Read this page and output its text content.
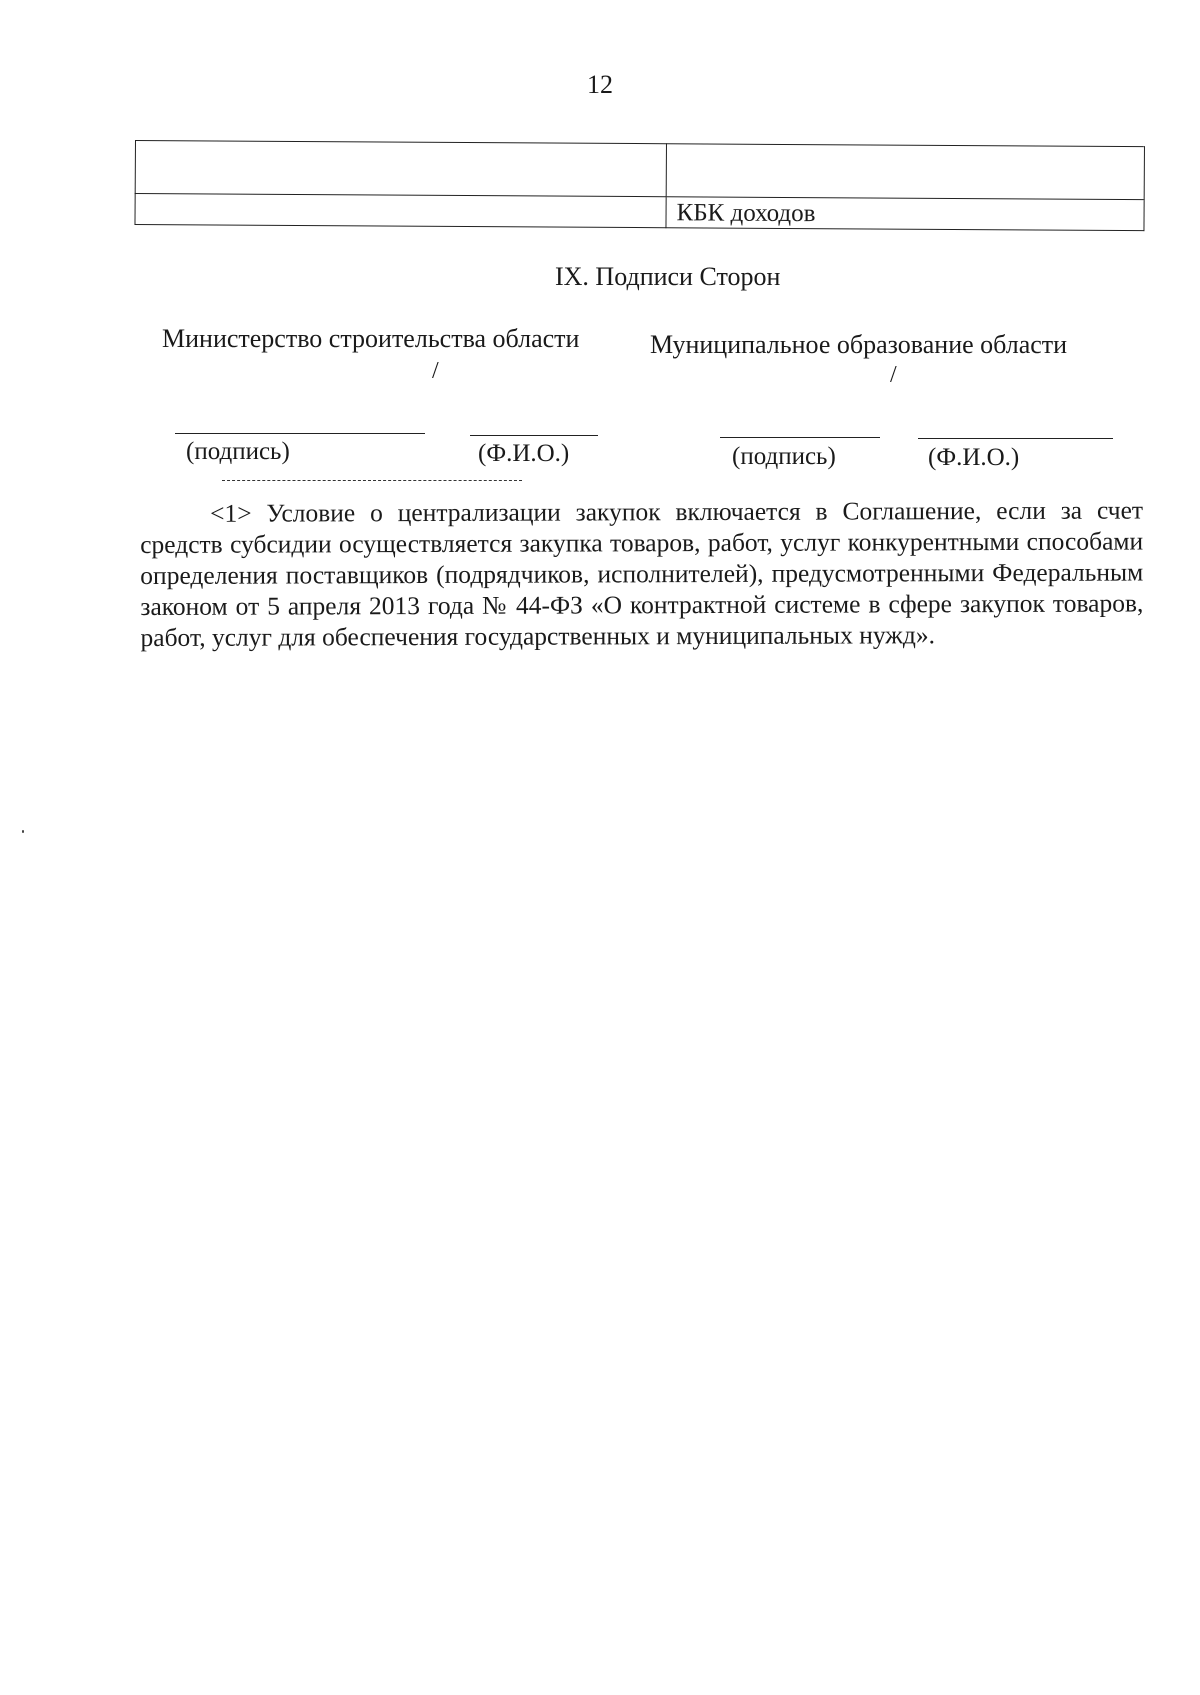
12

	КБК доходов
IX. Подписи Сторон
Министерство строительства области	Муниципальное образование области
/	/
(подпись)	(Ф.И.О.)	(подпись)	(Ф.И.О.)
<1> Условие о централизации закупок включается в Соглашение, если за счет средств субсидии осуществляется закупка товаров, работ, услуг конкурентными способами определения поставщиков (подрядчиков, исполнителей), предусмотренными Федеральным законом от 5 апреля 2013 года № 44-ФЗ «О контрактной системе в сфере закупок товаров, работ, услуг для обеспечения государственных и муниципальных нужд».
